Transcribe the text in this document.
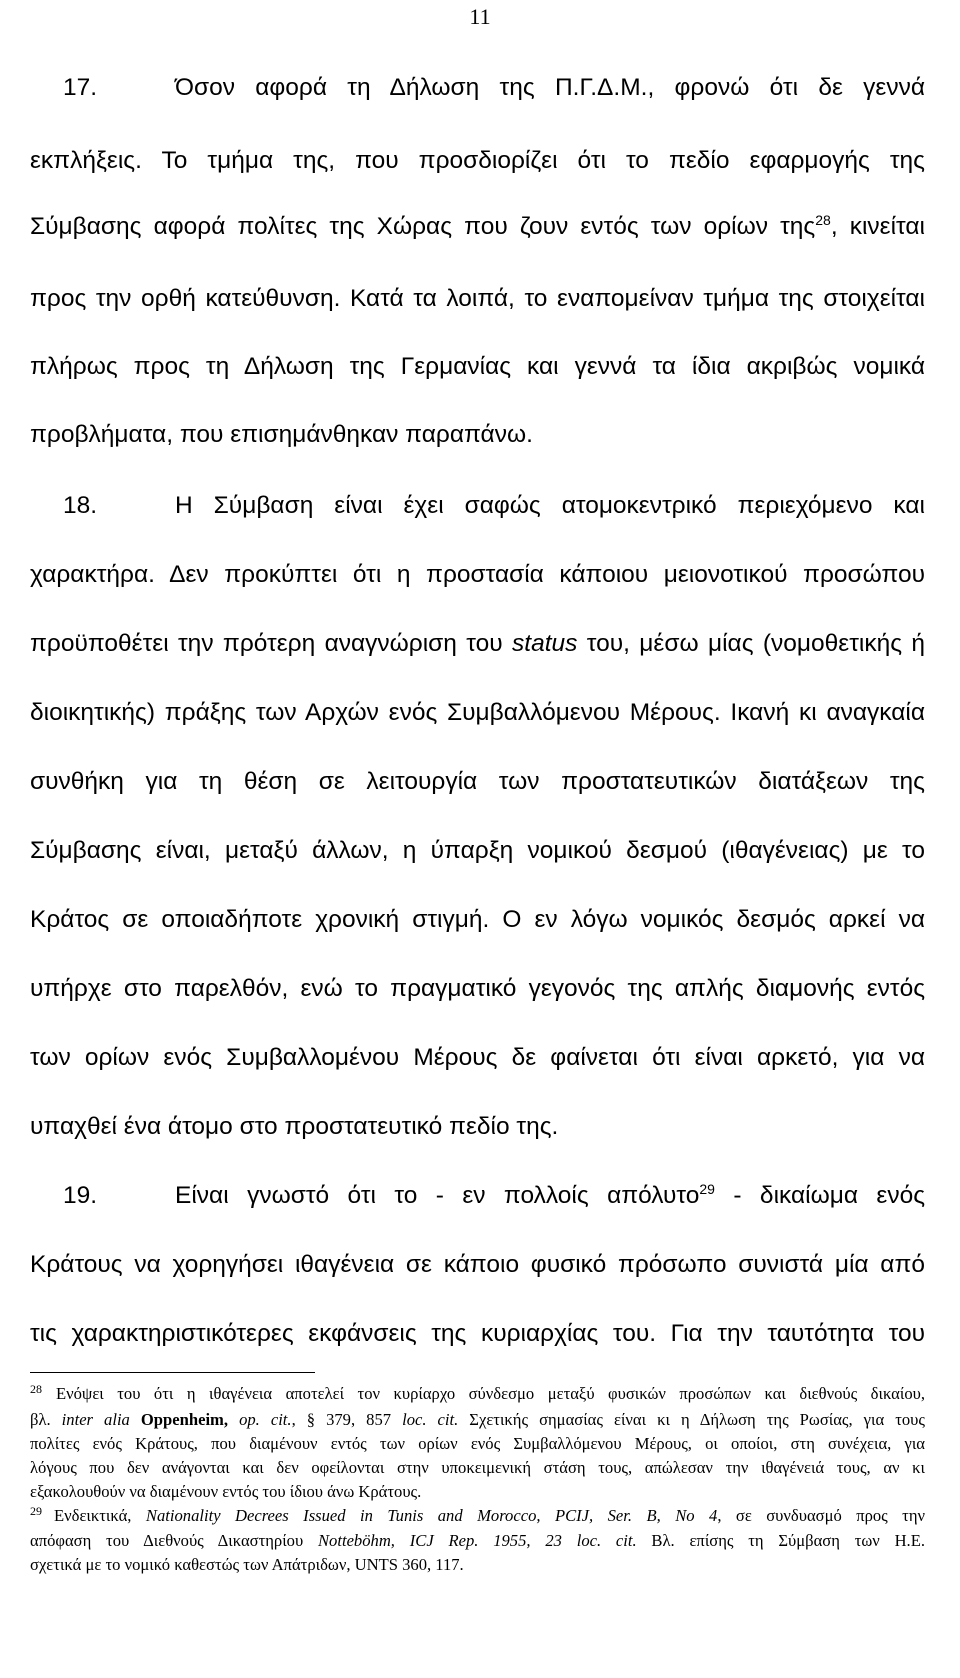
11
17.	Όσον αφορά τη Δήλωση της Π.Γ.Δ.Μ., φρονώ ότι δε γεννά
εκπλήξεις. Το τμήμα της, που προσδιορίζει ότι το πεδίο εφαρμογής της
Σύμβασης αφορά πολίτες της Χώρας που ζουν εντός των ορίων της$^{28}$, κινείται
προς την ορθή κατεύθυνση. Κατά τα λοιπά, το εναπομείναν τμήμα της στοιχείται
πλήρως προς τη Δήλωση της Γερμανίας και γεννά τα ίδια ακριβώς νομικά
προβλήματα, που επισημάνθηκαν παραπάνω.
18.	Η Σύμβαση είναι έχει σαφώς ατομοκεντρικό περιεχόμενο και
χαρακτήρα. Δεν προκύπτει ότι η προστασία κάποιου μειονοτικού προσώπου
προϋποθέτει την πρότερη αναγνώριση του status του, μέσω μίας (νομοθετικής ή
διοικητικής) πράξης των Αρχών ενός Συμβαλλόμενου Μέρους. Ικανή κι αναγκαία
συνθήκη για τη θέση σε λειτουργία των προστατευτικών διατάξεων της
Σύμβασης είναι, μεταξύ άλλων, η ύπαρξη νομικού δεσμού (ιθαγένειας) με το
Κράτος σε οποιαδήποτε χρονική στιγμή. Ο εν λόγω νομικός δεσμός αρκεί να
υπήρχε στο παρελθόν, ενώ το πραγματικό γεγονός της απλής διαμονής εντός
των ορίων ενός Συμβαλλομένου Μέρους δε φαίνεται ότι είναι αρκετό, για να
υπαχθεί ένα άτομο στο προστατευτικό πεδίο της.
19.	Είναι γνωστό ότι το - εν πολλοίς απόλυτο$^{29}$ - δικαίωμα ενός
Κράτους να χορηγήσει ιθαγένεια σε κάποιο φυσικό πρόσωπο συνιστά μία από
τις χαρακτηριστικότερες εκφάνσεις της κυριαρχίας του. Για την ταυτότητα του
28 Ενόψει του ότι η ιθαγένεια αποτελεί τον κυρίαρχο σύνδεσμο μεταξύ φυσικών προσώπων και διεθνούς δικαίου,
βλ. inter alia Oppenheim, op. cit., § 379, 857 loc. cit. Σχετικής σημασίας είναι κι η Δήλωση της Ρωσίας, για τους
πολίτες ενός Κράτους, που διαμένουν εντός των ορίων ενός Συμβαλλόμενου Μέρους, οι οποίοι, στη συνέχεια, για
λόγους που δεν ανάγονται και δεν οφείλονται στην υποκειμενική στάση τους, απώλεσαν την ιθαγένειά τους, αν κι
εξακολουθούν να διαμένουν εντός του ίδιου άνω Κράτους.
29 Ενδεικτικά, Nationality Decrees Issued in Tunis and Morocco, PCIJ, Ser. B, No 4, σε συνδυασμό προς την
απόφαση του Διεθνούς Δικαστηρίου Nottebӧhm, ICJ Rep. 1955, 23 loc. cit. Βλ. επίσης τη Σύμβαση των Η.Ε.
σχετικά με το νομικό καθεστώς των Απάτριδων, UNTS 360, 117.
